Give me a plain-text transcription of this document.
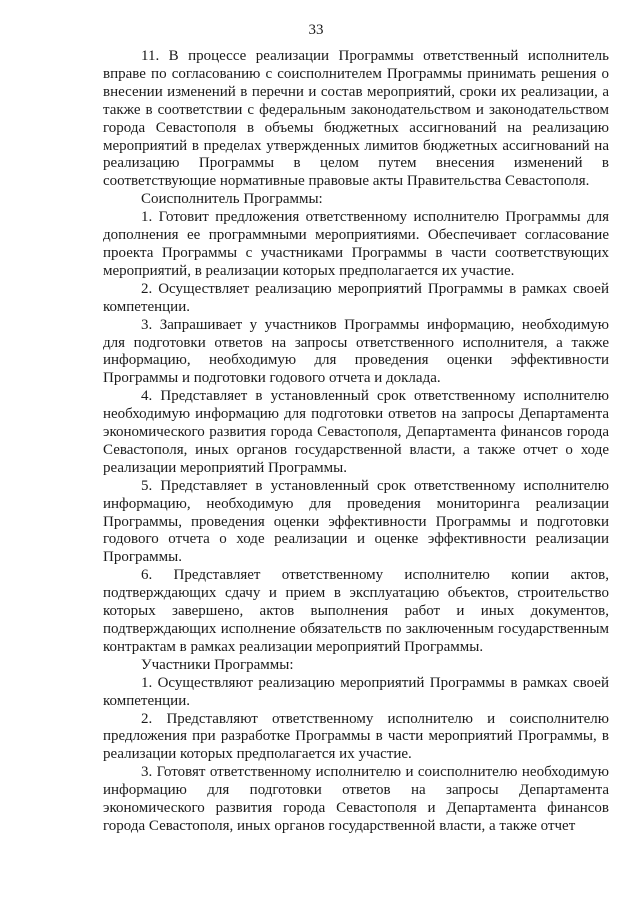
33

11. В процессе реализации Программы ответственный исполнитель вправе по согласованию с соисполнителем Программы принимать решения о внесении изменений в перечни и состав мероприятий, сроки их реализации, а также в соответствии с федеральным законодательством и законодательством города Севастополя в объемы бюджетных ассигнований на реализацию мероприятий в пределах утвержденных лимитов бюджетных ассигнований на реализацию Программы в целом путем внесения изменений в соответствующие нормативные правовые акты Правительства Севастополя.

Соисполнитель Программы:

1. Готовит предложения ответственному исполнителю Программы для дополнения ее программными мероприятиями. Обеспечивает согласование проекта Программы с участниками Программы в части соответствующих мероприятий, в реализации которых предполагается их участие.

2. Осуществляет реализацию мероприятий Программы в рамках своей компетенции.

3. Запрашивает у участников Программы информацию, необходимую для подготовки ответов на запросы ответственного исполнителя, а также информацию, необходимую для проведения оценки эффективности Программы и подготовки годового отчета и доклада.

4. Представляет в установленный срок ответственному исполнителю необходимую информацию для подготовки ответов на запросы Департамента экономического развития города Севастополя, Департамента финансов города Севастополя, иных органов государственной власти, а также отчет о ходе реализации мероприятий Программы.

5. Представляет в установленный срок ответственному исполнителю информацию, необходимую для проведения мониторинга реализации Программы, проведения оценки эффективности Программы и подготовки годового отчета о ходе реализации и оценке эффективности реализации Программы.

6. Представляет ответственному исполнителю копии актов, подтверждающих сдачу и прием в эксплуатацию объектов, строительство которых завершено, актов выполнения работ и иных документов, подтверждающих исполнение обязательств по заключенным государственным контрактам в рамках реализации мероприятий Программы.

Участники Программы:

1. Осуществляют реализацию мероприятий Программы в рамках своей компетенции.

2. Представляют ответственному исполнителю и соисполнителю предложения при разработке Программы в части мероприятий Программы, в реализации которых предполагается их участие.

3. Готовят ответственному исполнителю и соисполнителю необходимую информацию для подготовки ответов на запросы Департамента экономического развития города Севастополя и Департамента финансов города Севастополя, иных органов государственной власти, а также отчет
